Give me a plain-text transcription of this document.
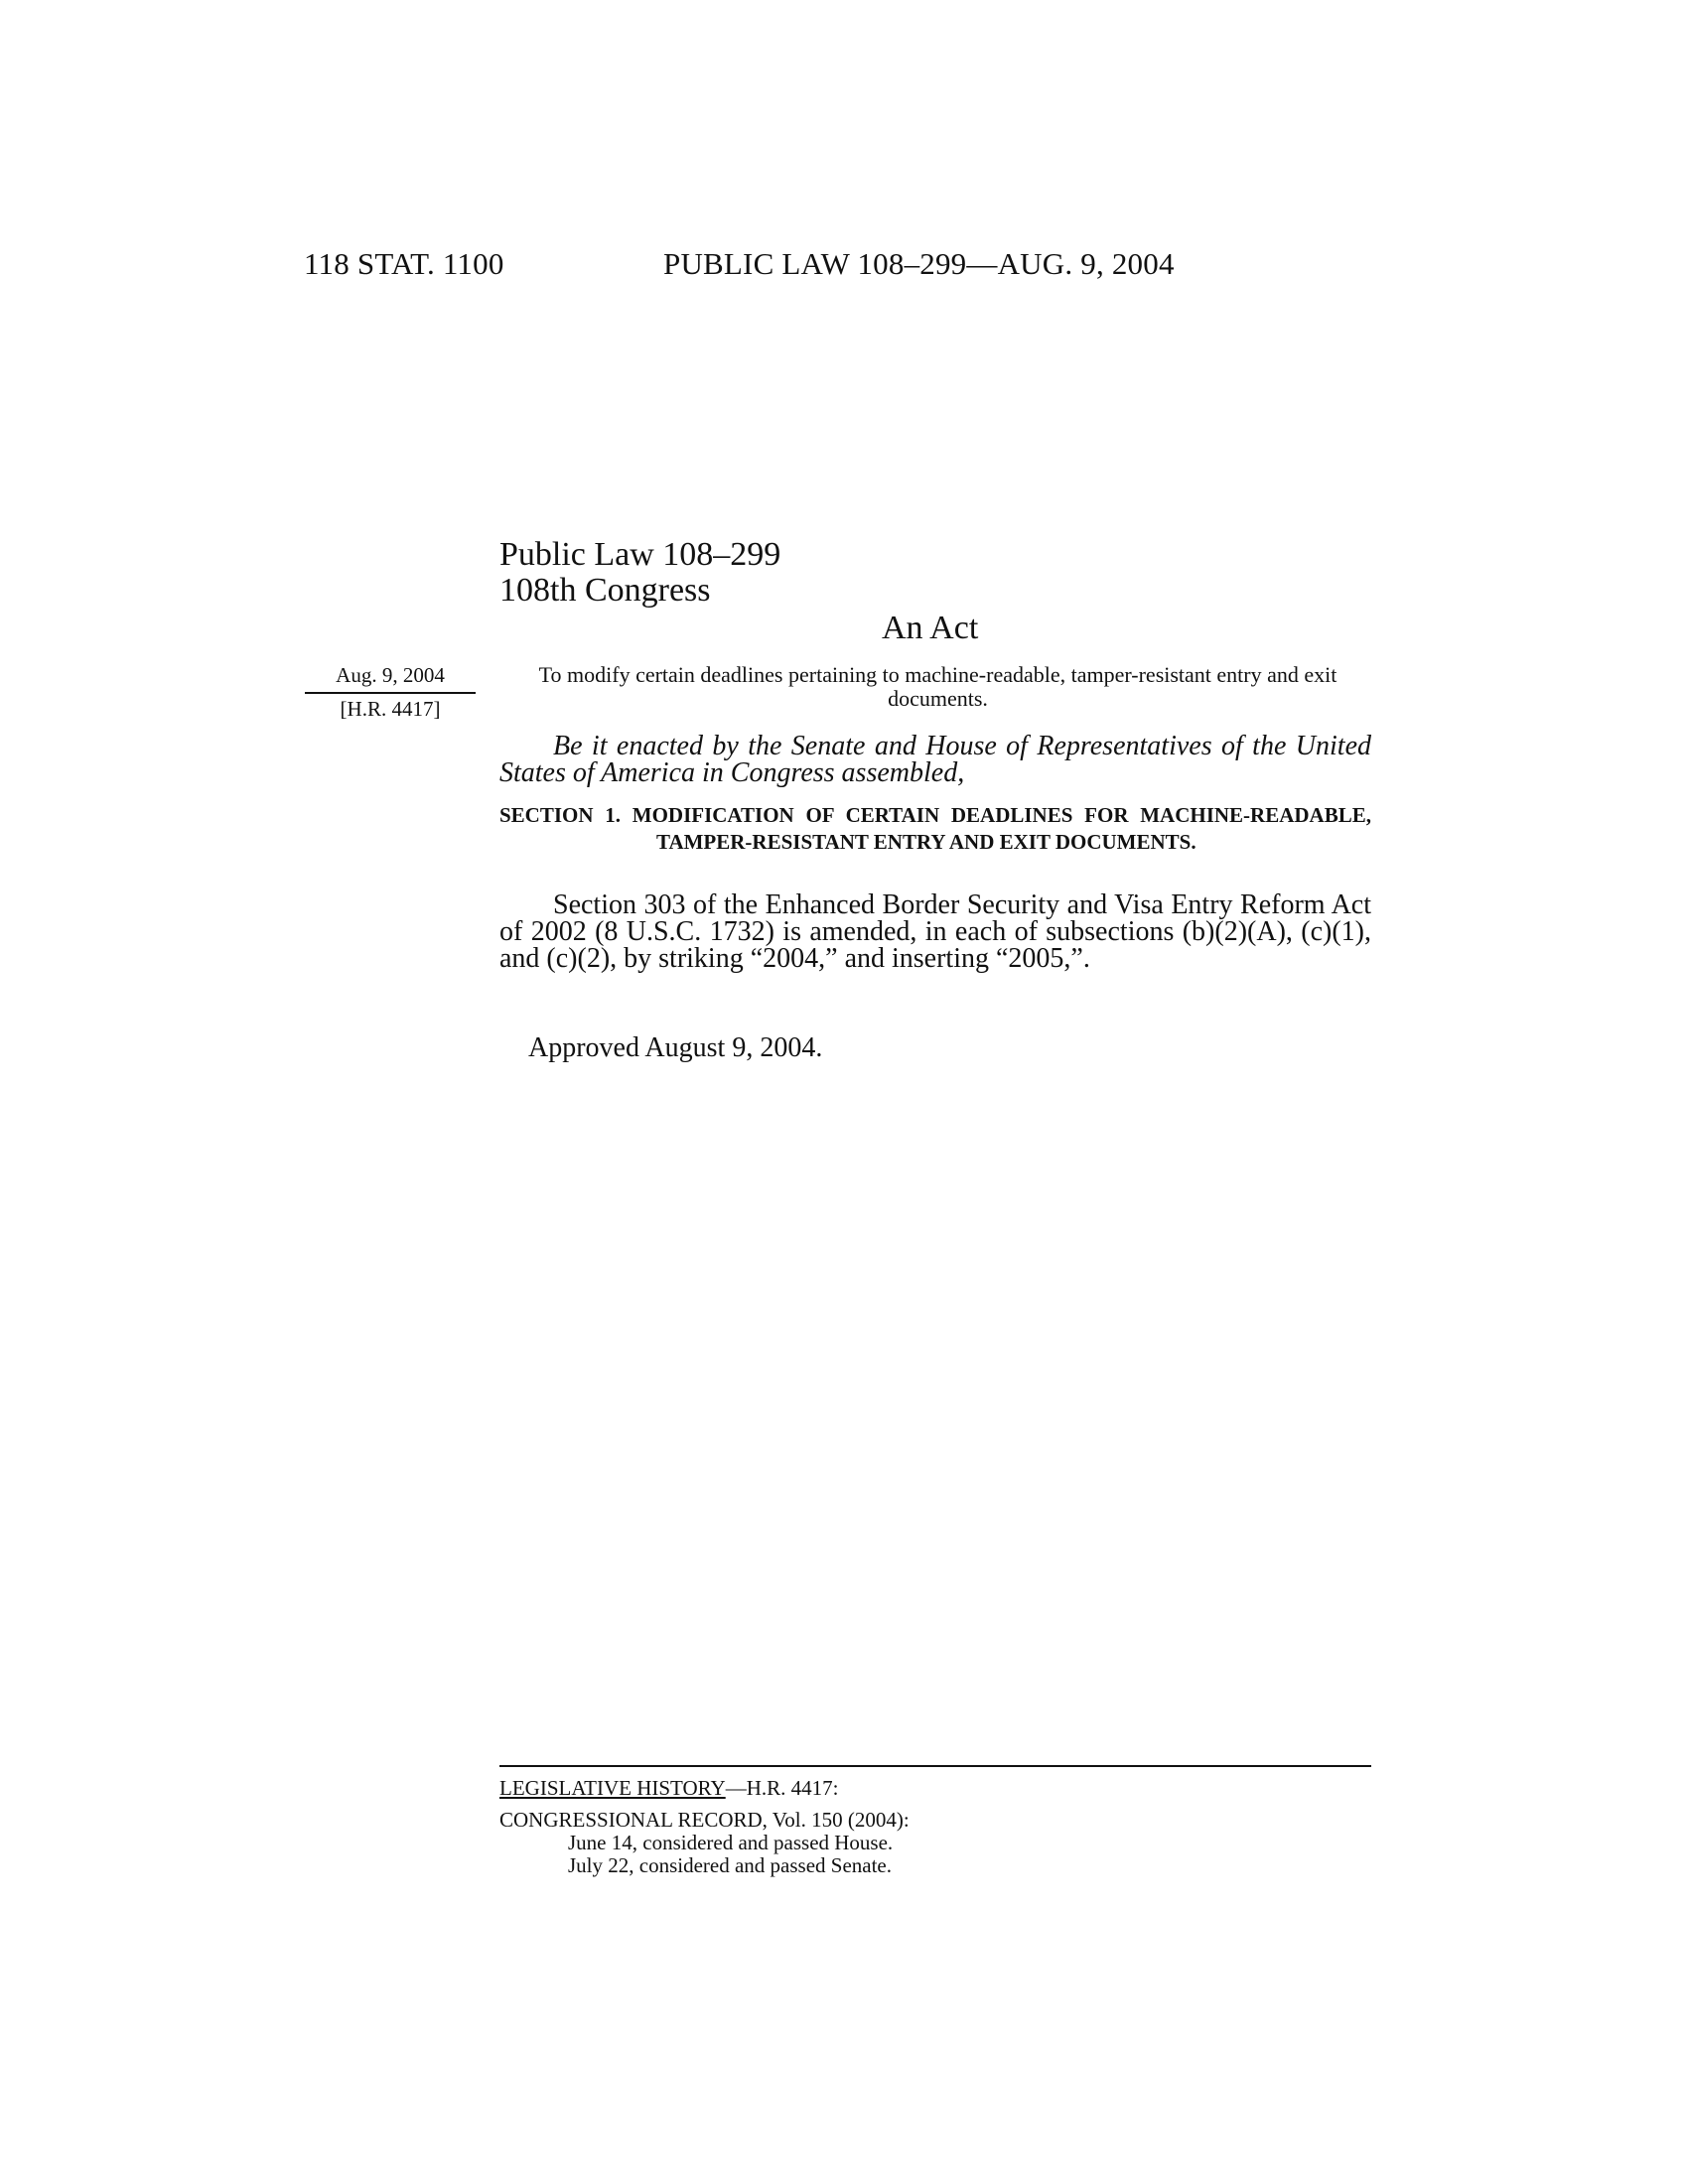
118 STAT. 1100	PUBLIC LAW 108–299—AUG. 9, 2004
Public Law 108–299
108th Congress
An Act
Aug. 9, 2004
[H.R. 4417]
To modify certain deadlines pertaining to machine-readable, tamper-resistant entry and exit documents.
Be it enacted by the Senate and House of Representatives of the United States of America in Congress assembled,
SECTION 1. MODIFICATION OF CERTAIN DEADLINES FOR MACHINE-READABLE, TAMPER-RESISTANT ENTRY AND EXIT DOCUMENTS.
Section 303 of the Enhanced Border Security and Visa Entry Reform Act of 2002 (8 U.S.C. 1732) is amended, in each of subsections (b)(2)(A), (c)(1), and (c)(2), by striking “2004,” and inserting “2005,”.
Approved August 9, 2004.
LEGISLATIVE HISTORY—H.R. 4417:
CONGRESSIONAL RECORD, Vol. 150 (2004):
June 14, considered and passed House.
July 22, considered and passed Senate.
